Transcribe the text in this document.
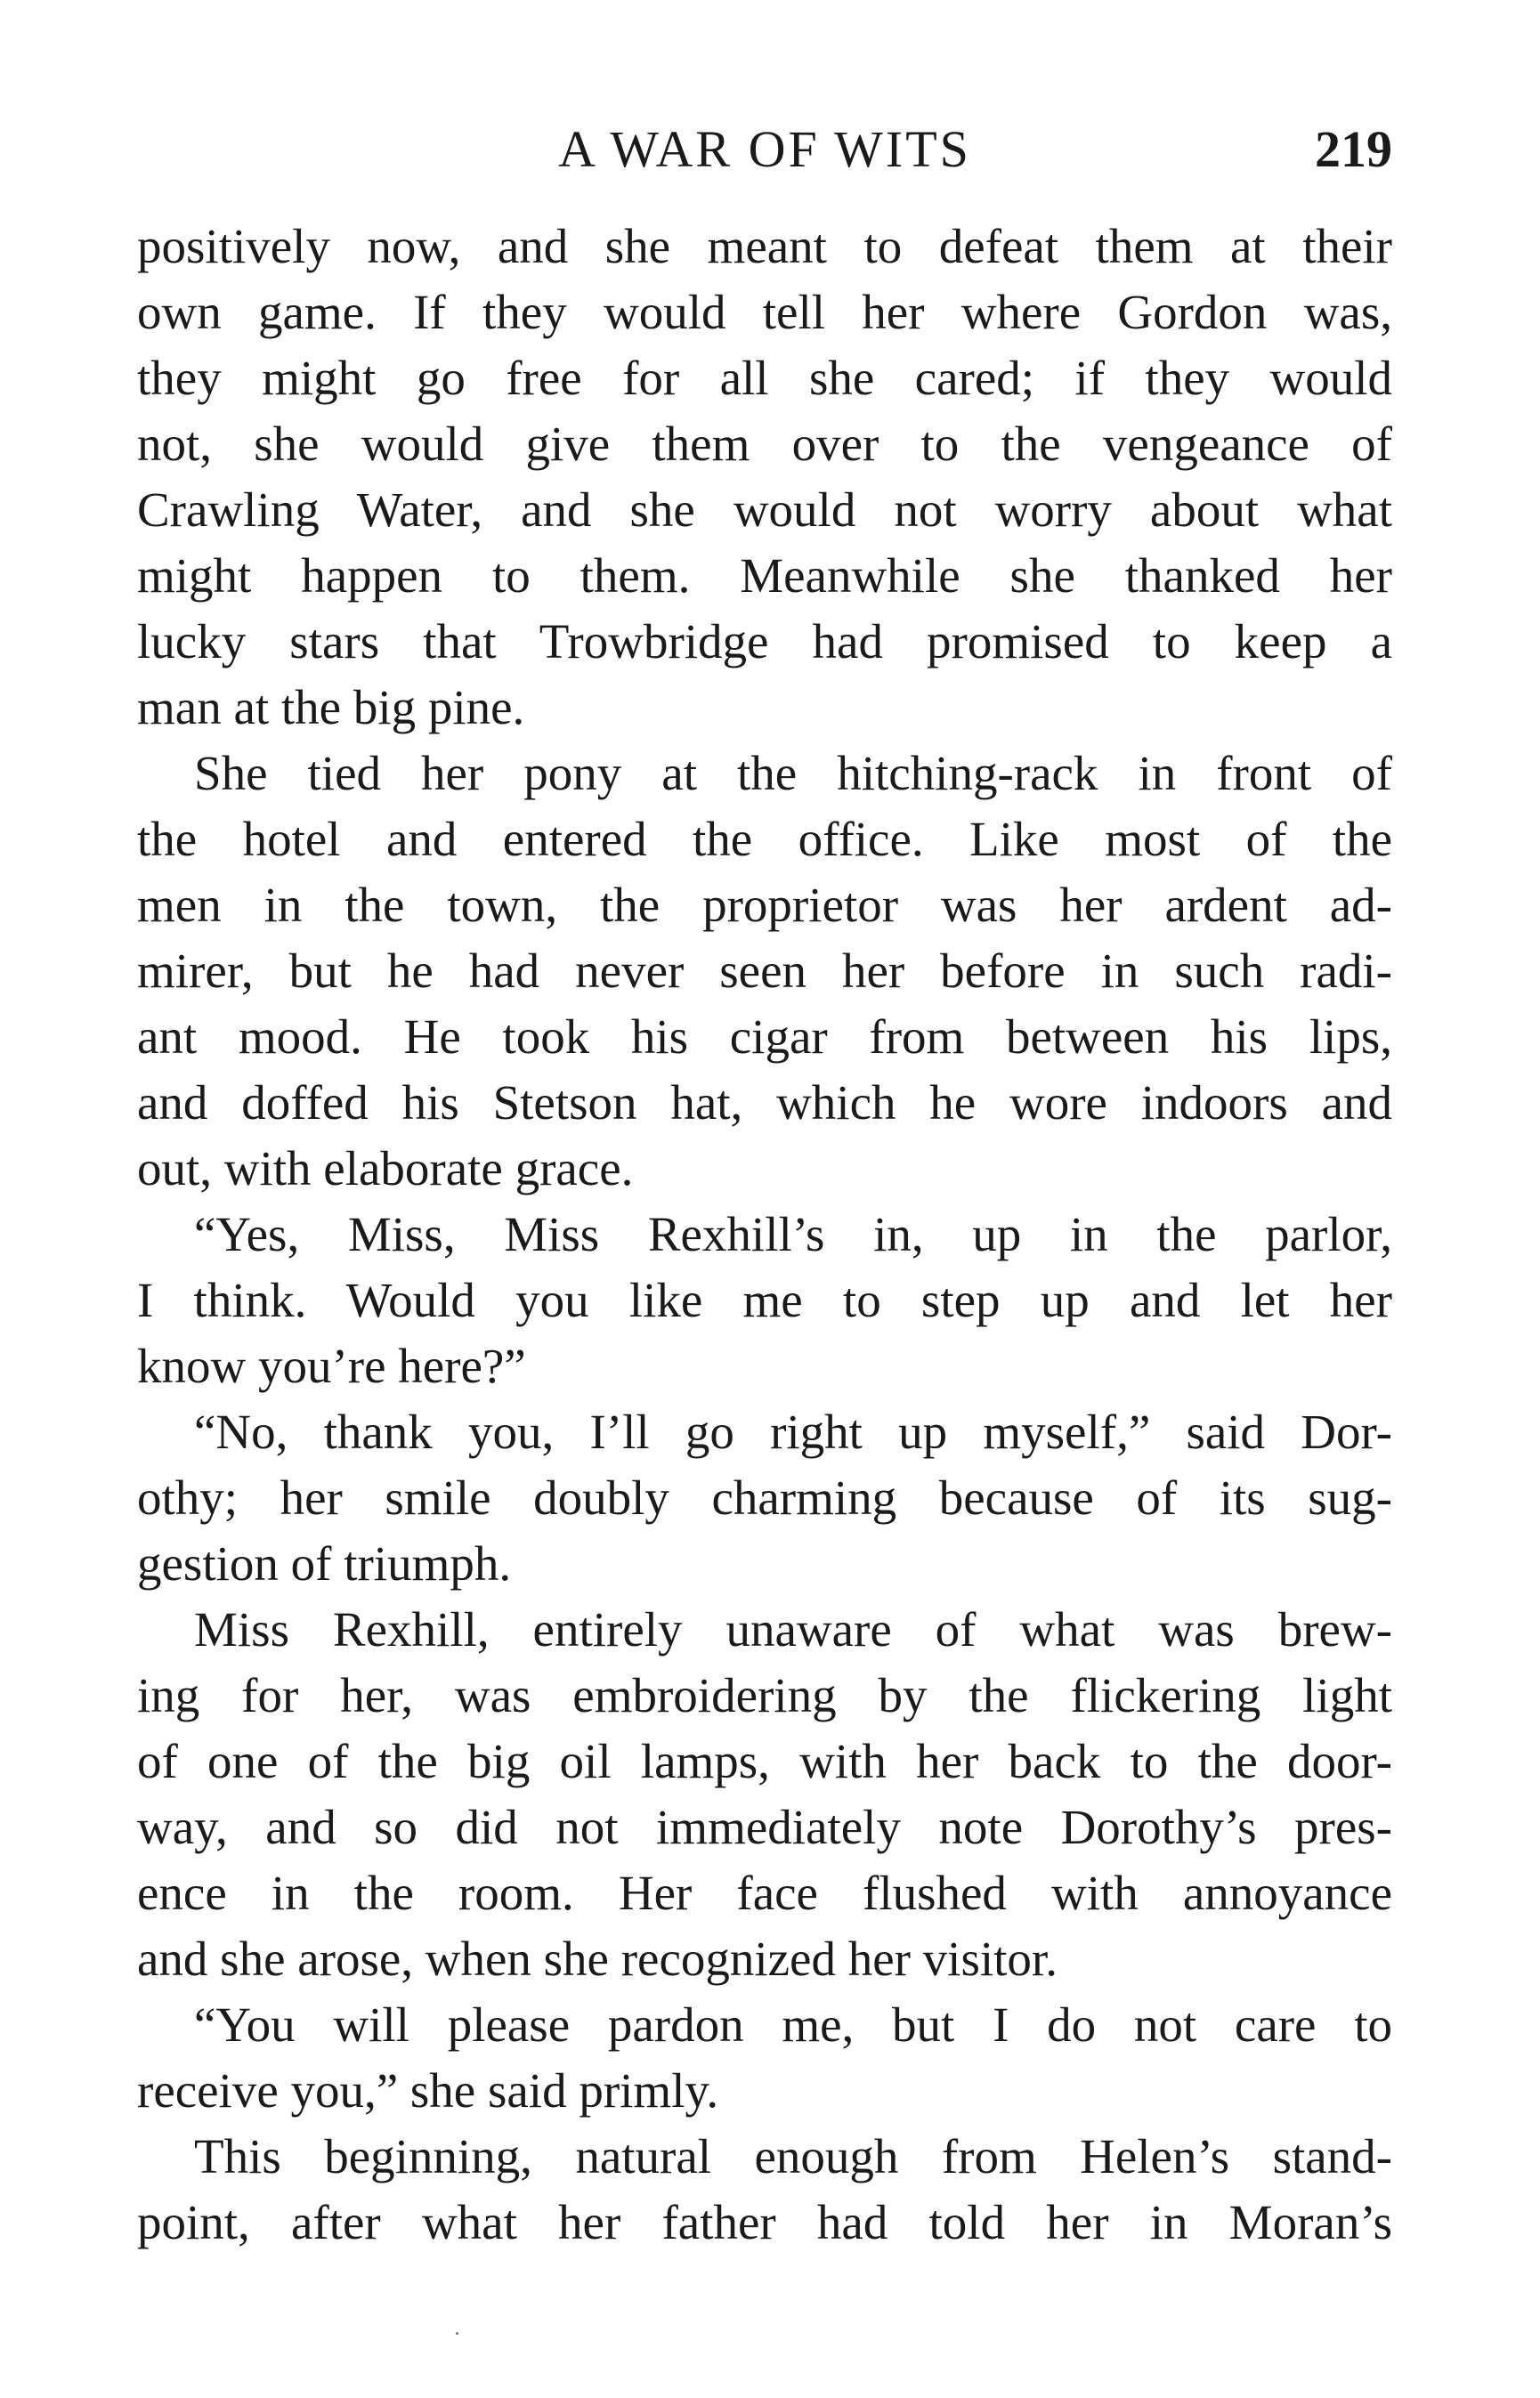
A WAR OF WITS	219
positively now, and she meant to defeat them at their
own game. If they would tell her where Gordon was,
they might go free for all she cared; if they would
not, she would give them over to the vengeance of
Crawling Water, and she would not worry about what
might happen to them. Meanwhile she thanked her
lucky stars that Trowbridge had promised to keep a
man at the big pine.
She tied her pony at the hitching-rack in front of
the hotel and entered the office. Like most of the
men in the town, the proprietor was her ardent ad-
mirer, but he had never seen her before in such radi-
ant mood. He took his cigar from between his lips,
and doffed his Stetson hat, which he wore indoors and
out, with elaborate grace.
“Yes, Miss, Miss Rexhill’s in, up in the parlor,
I think. Would you like me to step up and let her
know you’re here?”
“No, thank you, I’ll go right up myself,” said Dor-
othy; her smile doubly charming because of its sug-
gestion of triumph.
Miss Rexhill, entirely unaware of what was brew-
ing for her, was embroidering by the flickering light
of one of the big oil lamps, with her back to the door-
way, and so did not immediately note Dorothy’s pres-
ence in the room. Her face flushed with annoyance
and she arose, when she recognized her visitor.
“You will please pardon me, but I do not care to
receive you,” she said primly.
This beginning, natural enough from Helen’s stand-
point, after what her father had told her in Moran’s
